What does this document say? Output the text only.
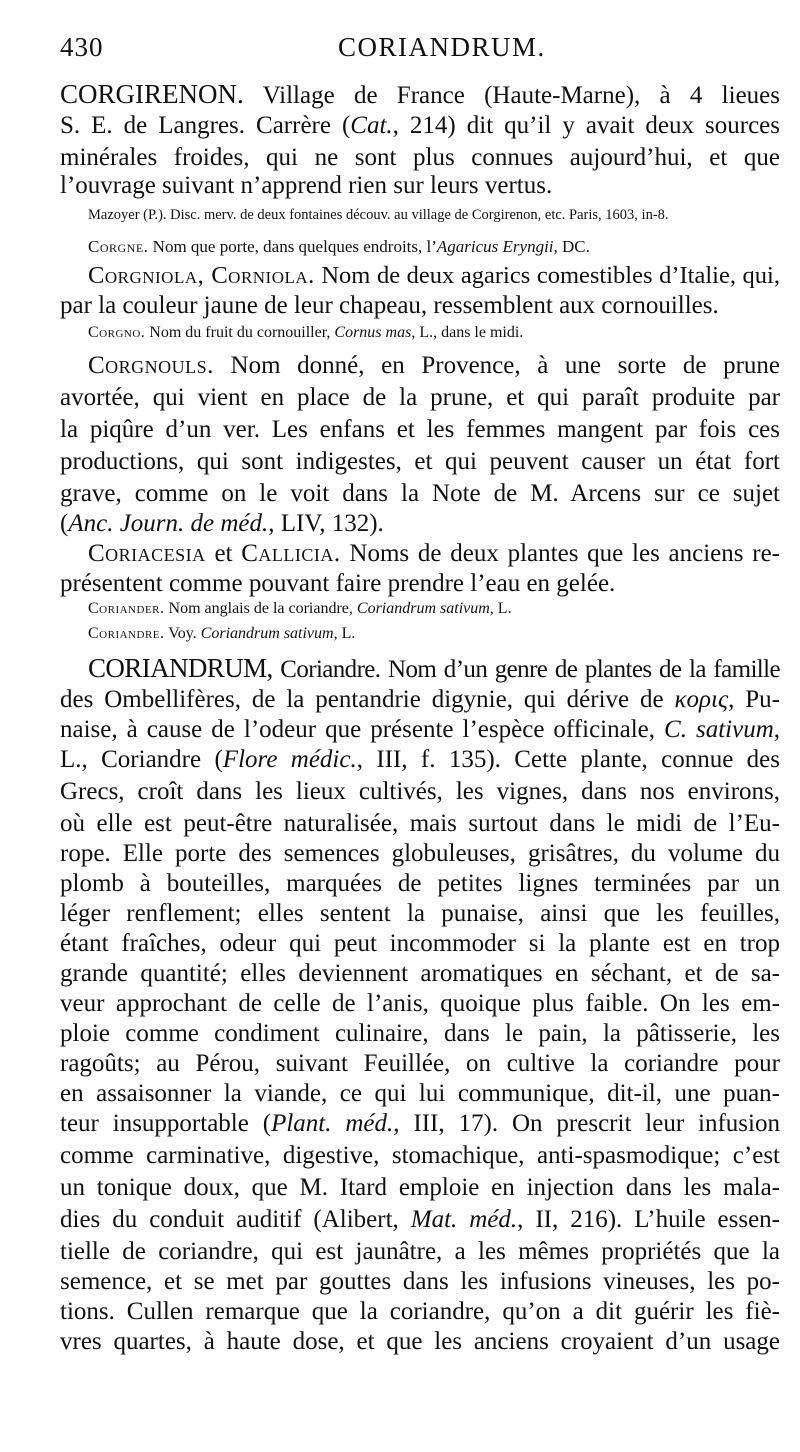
430	CORIANDRUM.
CORGIRENON. Village de France (Haute-Marne), à 4 lieues
S. E. de Langres. Carrère (Cat., 214) dit qu’il y avait deux sources
minérales froides, qui ne sont plus connues aujourd’hui, et que
l’ouvrage suivant n’apprend rien sur leurs vertus.
Mazoyer (P.). Disc. merv. de deux fontaines découv. au village de Corgirenon, etc. Paris, 1603, in-8.
Corgne. Nom que porte, dans quelques endroits, l’Agaricus Eryngii, DC.
Corgniola, Corniola. Nom de deux agarics comestibles d’Italie, qui,
par la couleur jaune de leur chapeau, ressemblent aux cornouilles.
Corgno. Nom du fruit du cornouiller, Cornus mas, L., dans le midi.
Corgnouls. Nom donné, en Provence, à une sorte de prune
avortée, qui vient en place de la prune, et qui paraît produite par
la piqûre d’un ver. Les enfans et les femmes mangent par fois ces
productions, qui sont indigestes, et qui peuvent causer un état fort
grave, comme on le voit dans la Note de M. Arcens sur ce sujet
(Anc. Journ. de méd., LIV, 132).
Coriacesia et Callicia. Noms de deux plantes que les anciens re-
présentent comme pouvant faire prendre l’eau en gelée.
Coriander. Nom anglais de la coriandre, Coriandrum sativum, L.
Coriandre. Voy. Coriandrum sativum, L.
CORIANDRUM, Coriandre. Nom d’un genre de plantes de la famille
des Ombellifères, de la pentandrie digynie, qui dérive de κορις, Pu-
naise, à cause de l’odeur que présente l’espèce officinale, C. sativum,
L., Coriandre (Flore médic., III, f. 135). Cette plante, connue des
Grecs, croît dans les lieux cultivés, les vignes, dans nos environs,
où elle est peut-être naturalisée, mais surtout dans le midi de l’Eu-
rope. Elle porte des semences globuleuses, grisâtres, du volume du
plomb à bouteilles, marquées de petites lignes terminées par un
léger renflement; elles sentent la punaise, ainsi que les feuilles,
étant fraîches, odeur qui peut incommoder si la plante est en trop
grande quantité; elles deviennent aromatiques en séchant, et de sa-
veur approchant de celle de l’anis, quoique plus faible. On les em-
ploie comme condiment culinaire, dans le pain, la pâtisserie, les
ragoûts; au Pérou, suivant Feuillée, on cultive la coriandre pour
en assaisonner la viande, ce qui lui communique, dit-il, une puan-
teur insupportable (Plant. méd., III, 17). On prescrit leur infusion
comme carminative, digestive, stomachique, anti-spasmodique; c’est
un tonique doux, que M. Itard emploie en injection dans les mala-
dies du conduit auditif (Alibert, Mat. méd., II, 216). L’huile essen-
tielle de coriandre, qui est jaunâtre, a les mêmes propriétés que la
semence, et se met par gouttes dans les infusions vineuses, les po-
tions. Cullen remarque que la coriandre, qu’on a dit guérir les fiè-
vres quartes, à haute dose, et que les anciens croyaient d’un usage
